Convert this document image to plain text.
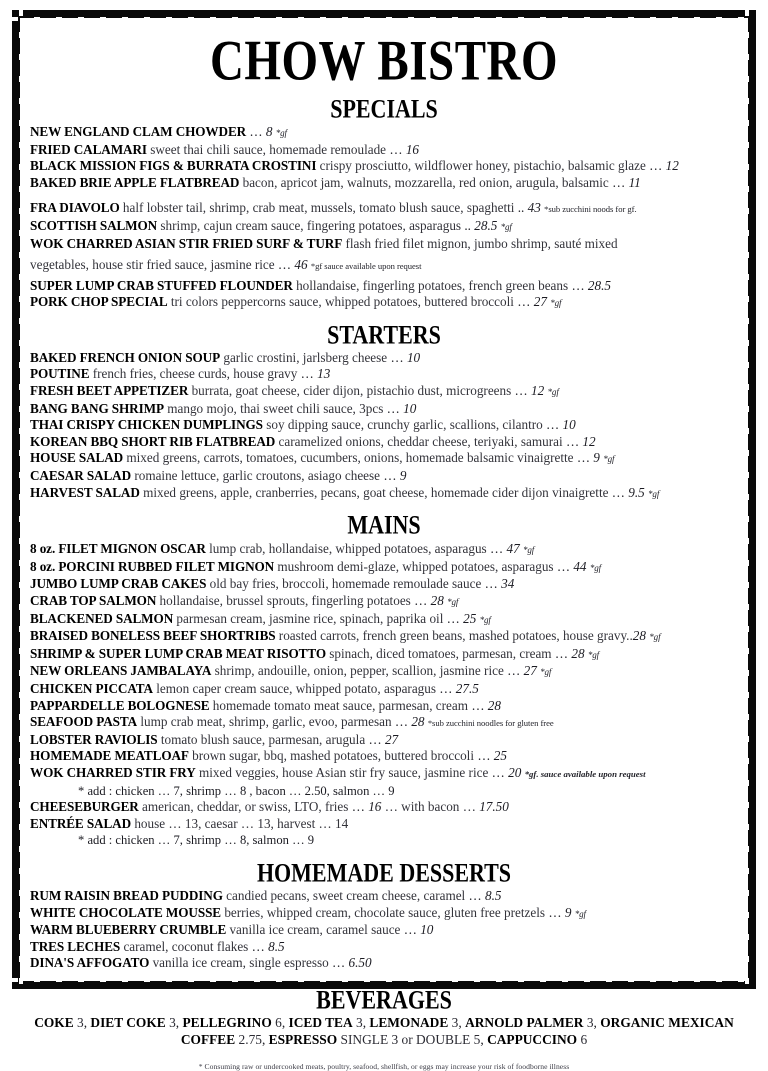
CHOW BISTRO
SPECIALS
NEW ENGLAND CLAM CHOWDER … 8 *gf
FRIED CALAMARI sweet thai chili sauce, homemade remoulade … 16
BLACK MISSION FIGS & BURRATA CROSTINI crispy prosciutto, wildflower honey, pistachio, balsamic glaze … 12
BAKED BRIE APPLE FLATBREAD bacon, apricot jam, walnuts, mozzarella, red onion, arugula, balsamic … 11
FRA DIAVOLO half lobster tail, shrimp, crab meat, mussels, tomato blush sauce, spaghetti .. 43 *sub zucchini noods for gf.
SCOTTISH SALMON shrimp, cajun cream sauce, fingering potatoes, asparagus .. 28.5 *gf
WOK CHARRED ASIAN STIR FRIED SURF & TURF flash fried filet mignon, jumbo shrimp, sauté mixed
vegetables, house stir fried sauce, jasmine rice … 46 *gf sauce available upon request
SUPER LUMP CRAB STUFFED FLOUNDER hollandaise, fingerling potatoes, french green beans … 28.5
PORK CHOP SPECIAL tri colors peppercorns sauce, whipped potatoes, buttered broccoli … 27 *gf
STARTERS
BAKED FRENCH ONION SOUP garlic crostini, jarlsberg cheese … 10
POUTINE french fries, cheese curds, house gravy … 13
FRESH BEET APPETIZER burrata, goat cheese, cider dijon, pistachio dust, microgreens … 12 *gf
BANG BANG SHRIMP mango mojo, thai sweet chili sauce, 3pcs … 10
THAI CRISPY CHICKEN DUMPLINGS soy dipping sauce, crunchy garlic, scallions, cilantro … 10
KOREAN BBQ SHORT RIB FLATBREAD caramelized onions, cheddar cheese, teriyaki, samurai … 12
HOUSE SALAD mixed greens, carrots, tomatoes, cucumbers, onions, homemade balsamic vinaigrette … 9 *gf
CAESAR SALAD romaine lettuce, garlic croutons, asiago cheese … 9
HARVEST SALAD mixed greens, apple, cranberries, pecans, goat cheese, homemade cider dijon vinaigrette … 9.5 *gf
MAINS
8 oz. FILET MIGNON OSCAR lump crab, hollandaise, whipped potatoes, asparagus … 47 *gf
8 oz. PORCINI RUBBED FILET MIGNON mushroom demi-glaze, whipped potatoes, asparagus … 44 *gf
JUMBO LUMP CRAB CAKES old bay fries, broccoli, homemade remoulade sauce … 34
CRAB TOP SALMON hollandaise, brussel sprouts, fingerling potatoes … 28 *gf
BLACKENED SALMON parmesan cream, jasmine rice, spinach, paprika oil … 25 *gf
BRAISED BONELESS BEEF SHORTRIBS roasted carrots, french green beans, mashed potatoes, house gravy..28 *gf
SHRIMP & SUPER LUMP CRAB MEAT RISOTTO spinach, diced tomatoes, parmesan, cream … 28 *gf
NEW ORLEANS JAMBALAYA shrimp, andouille, onion, pepper, scallion, jasmine rice … 27 *gf
CHICKEN PICCATA lemon caper cream sauce, whipped potato, asparagus … 27.5
PAPPARDELLE BOLOGNESE homemade tomato meat sauce, parmesan, cream … 28
SEAFOOD PASTA lump crab meat, shrimp, garlic, evoo, parmesan … 28 *sub zucchini noodles for gluten free
LOBSTER RAVIOLIS tomato blush sauce, parmesan, arugula … 27
HOMEMADE MEATLOAF brown sugar, bbq, mashed potatoes, buttered broccoli … 25
WOK CHARRED STIR FRY mixed veggies, house Asian stir fry sauce, jasmine rice … 20 *gf. sauce available upon request
* add : chicken … 7, shrimp … 8 , bacon … 2.50, salmon … 9
CHEESEBURGER american, cheddar, or swiss, LTO, fries … 16 … with bacon … 17.50
ENTRÉE SALAD house … 13, caesar … 13, harvest … 14
* add : chicken … 7, shrimp … 8, salmon … 9
HOMEMADE DESSERTS
RUM RAISIN BREAD PUDDING candied pecans, sweet cream cheese, caramel … 8.5
WHITE CHOCOLATE MOUSSE berries, whipped cream, chocolate sauce, gluten free pretzels … 9 *gf
WARM BLUEBERRY CRUMBLE vanilla ice cream, caramel sauce … 10
TRES LECHES caramel, coconut flakes … 8.5
DINA'S AFFOGATO vanilla ice cream, single espresso … 6.50
BEVERAGES
COKE 3, DIET COKE 3, PELLEGRINO 6, ICED TEA 3, LEMONADE 3, ARNOLD PALMER 3, ORGANIC MEXICAN
COFFEE 2.75, ESPRESSO SINGLE 3 or DOUBLE 5, CAPPUCCINO 6
* Consuming raw or undercooked meats, poultry, seafood, shellfish, or eggs may increase your risk of foodborne illness
